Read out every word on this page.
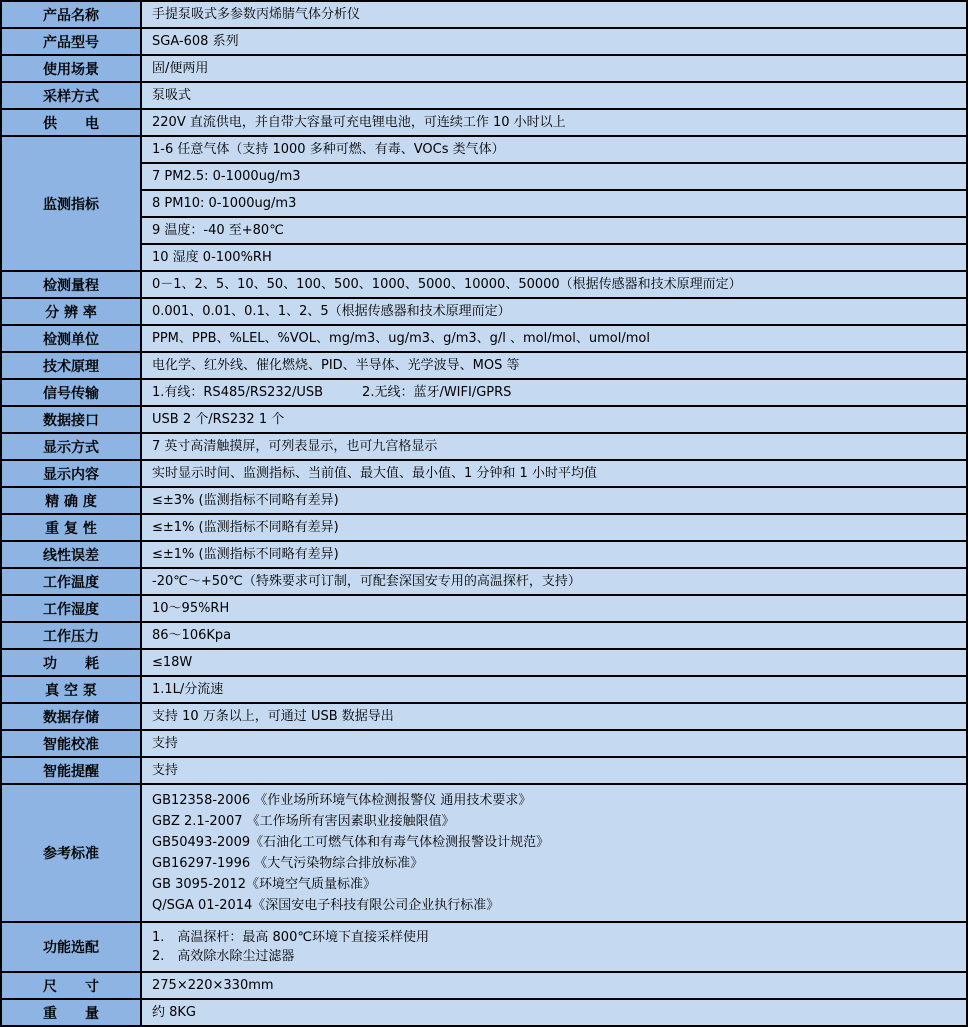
产品名称	手提泵吸式多参数丙烯腈气体分析仪
产品型号	SGA-608 系列
使用场景	固/便两用
采样方式	泵吸式
供　　电	220V 直流供电，并自带大容量可充电锂电池，可连续工作 10 小时以上
监测指标	1-6 任意气体（支持 1000 多种可燃、有毒、VOCs 类气体）
	7 PM2.5: 0-1000ug/m3
	8 PM10: 0-1000ug/m3
	9 温度：-40 至+80℃
	10 湿度 0-100%RH
检测量程	0－1、2、5、10、50、100、500、1000、5000、10000、50000（根据传感器和技术原理而定）
分 辨 率	0.001、0.01、0.1、1、2、5（根据传感器和技术原理而定）
检测单位	PPM、PPB、%LEL、%VOL、mg/m3、ug/m3、g/m3、g/l 、mol/mol、umol/mol
技术原理	电化学、红外线、催化燃烧、PID、半导体、光学波导、MOS 等
信号传输	1.有线：RS485/RS232/USB　　　2.无线：蓝牙/WIFI/GPRS
数据接口	USB 2 个/RS232 1 个
显示方式	7 英寸高清触摸屏，可列表显示，也可九宫格显示
显示内容	实时显示时间、监测指标、当前值、最大值、最小值、1 分钟和 1 小时平均值
精 确 度	≤±3% (监测指标不同略有差异)
重 复 性	≤±1% (监测指标不同略有差异)
线性误差	≤±1% (监测指标不同略有差异)
工作温度	-20℃～+50℃（特殊要求可订制，可配套深国安专用的高温探杆，支持）
工作湿度	10～95%RH
工作压力	86～106Kpa
功　　耗	≤18W
真 空 泵	1.1L/分流速
数据存储	支持 10 万条以上，可通过 USB 数据导出
智能校准	支持
智能提醒	支持
参考标准	
GB12358-2006 《作业场所环境气体检测报警仪 通用技术要求》
GBZ 2.1-2007 《工作场所有害因素职业接触限值》
GB50493-2009《石油化工可燃气体和有毒气体检测报警设计规范》
GB16297-1996 《大气污染物综合排放标准》
GB 3095-2012《环境空气质量标准》
Q/SGA 01-2014《深国安电子科技有限公司企业执行标准》

功能选配	1.　高温探杆：最高 800℃环境下直接采样使用
2.　高效除水除尘过滤器

尺　　寸	275×220×330mm
重　　量	约 8KG
